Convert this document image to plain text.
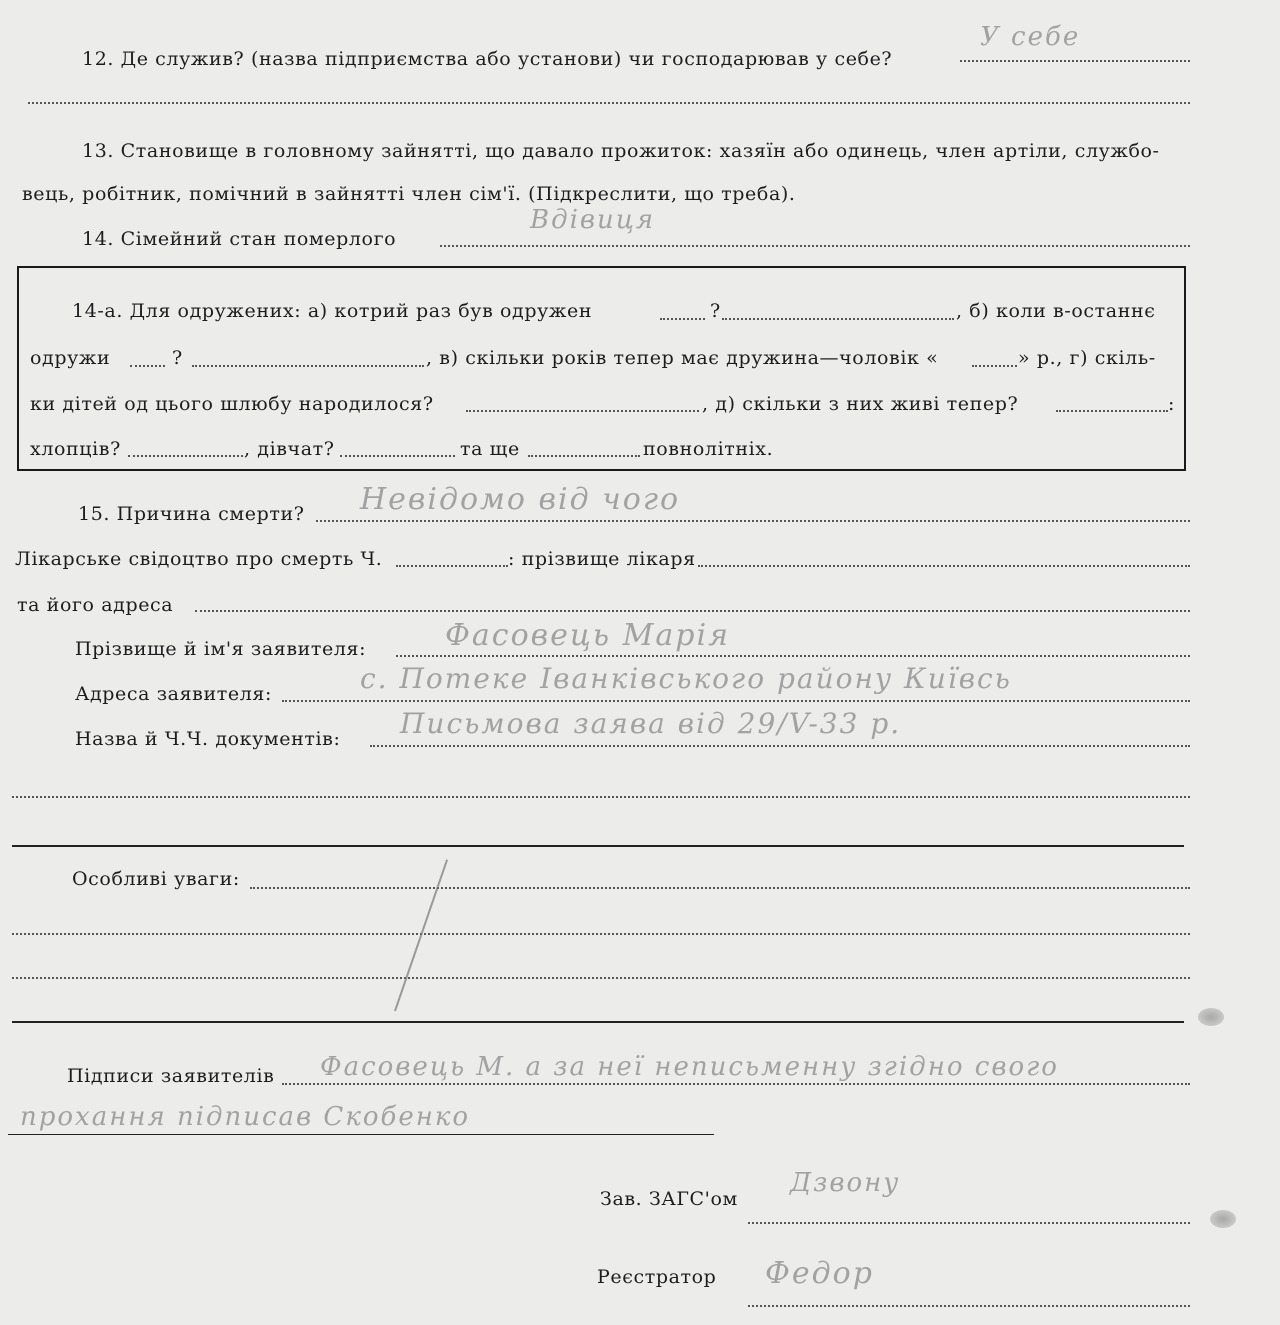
12. Де служив? (назва підприємства або установи) чи господарював у себе?
У себе
13. Становище в головному зайнятті, що давало прожиток: хазяїн або одинець, член артіли, службо-
вець, робітник, помічний в зайнятті член сім'ї. (Підкреслити, що треба).
14. Сімейний стан померлого
Вдівиця
14-а. Для одружених: а) котрий раз був одружен	?	, б) коли в-останнє
одружи	?	, в) скільки років тепер має дружина—чоловік «	» р., г) скіль-
ки дітей од цього шлюбу народилося?	, д) скільки з них живі тепер?	:
хлопців?	, дівчат?	та ще	повнолітніх.
15. Причина смерти? Невідомо від чого
Лікарське свідоцтво про смерть Ч.	: прізвище лікаря
та його адреса
Прізвище й ім'я заявителя:	Фасовець Марія
Адреса заявителя:	с. Потеке Іванківського району Київсь
Назва й Ч.Ч. документів: Письмова заява від 29/V-33 р.
Особливі уваги:
Підписи заявителів Фасовець М. а за неї неписьменну згідно свого
прохання підписав Скобенко
Зав. ЗАГС'ом
Дзвону
Реєстратор Федор
